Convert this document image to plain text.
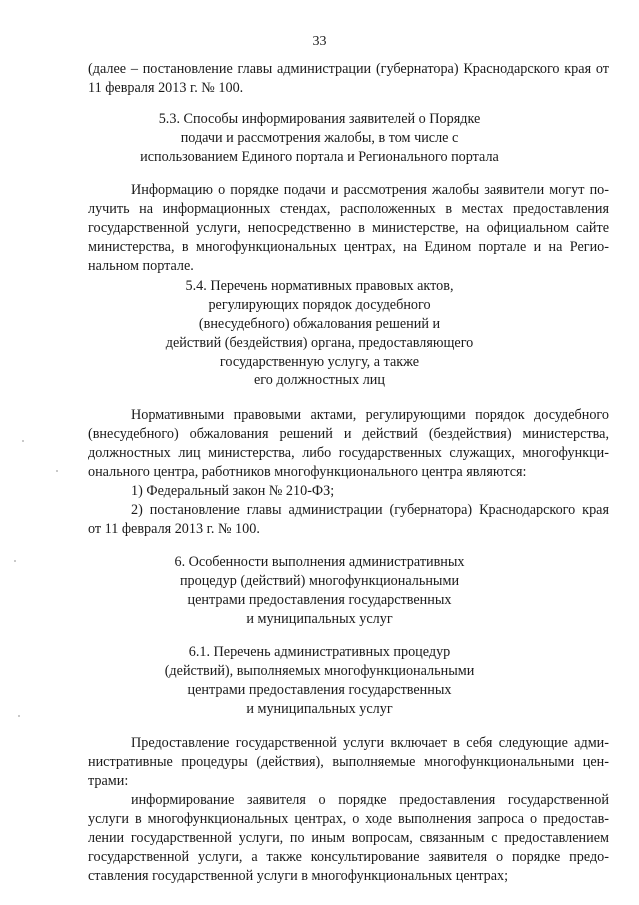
33
(далее – постановление главы администрации (губернатора) Краснодарского края от
11 февраля 2013 г. № 100.
5.3. Способы информирования заявителей о Порядке
подачи и рассмотрения жалобы, в том числе с
использованием Единого портала и Регионального портала
Информацию о порядке подачи и рассмотрения жалобы заявители могут по-
лучить на информационных стендах, расположенных в местах предоставления
государственной услуги, непосредственно в министерстве, на официальном сайте
министерства, в многофункциональных центрах, на Едином портале и на Регио-
нальном портале.
5.4. Перечень нормативных правовых актов,
регулирующих порядок досудебного
(внесудебного) обжалования решений и
действий (бездействия) органа, предоставляющего
государственную услугу, а также
его должностных лиц
Нормативными правовыми актами, регулирующими порядок досудебного
(внесудебного) обжалования решений и действий (бездействия) министерства,
должностных лиц министерства, либо государственных служащих, многофункци-
онального центра, работников многофункционального центра являются:
1) Федеральный закон № 210-ФЗ;
2) постановление главы администрации (губернатора) Краснодарского края
от 11 февраля 2013 г. № 100.
6. Особенности выполнения административных
процедур (действий) многофункциональными
центрами предоставления государственных
и муниципальных услуг
6.1. Перечень административных процедур
(действий), выполняемых многофункциональными
центрами предоставления государственных
и муниципальных услуг
Предоставление государственной услуги включает в себя следующие адми-
нистративные процедуры (действия), выполняемые многофункциональными цен-
трами:
информирование заявителя о порядке предоставления государственной
услуги в многофункциональных центрах, о ходе выполнения запроса о предостав-
лении государственной услуги, по иным вопросам, связанным с предоставлением
государственной услуги, а также консультирование заявителя о порядке предо-
ставления государственной услуги в многофункциональных центрах;
